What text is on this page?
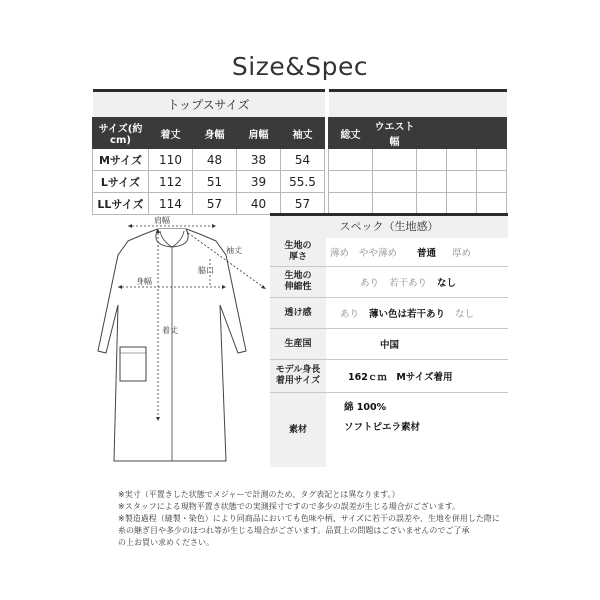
Size&Spec
トップスサイズ										
サイズ(約cm)	着丈	身幅	肩幅	袖丈		総丈	ウエスト幅			
Mサイズ	110	48	38	54						
Lサイズ	112	51	39	55.5						
LLサイズ	114	57	40	57						
肩幅
袖丈
脇口
身幅
着丈
スペック（生地感）
生地の
厚さ	薄め やや薄め 普通 厚め
生地の
伸縮性	あり 若干あり なし
透け感	あり 薄い色は若干あり なし
生産国	中国
モデル身長
着用サイズ	162ｃｍ　Mサイズ着用
素材
綿 100%
ソフトピエラ素材
※実寸（平置きした状態でメジャーで計測のため、タグ表記とは異なります。）
※スタッフによる現物平置き状態での実測採寸ですので多少の誤差が生じる場合がございます。
※製造過程（縫製・染色）により同商品においても色味や柄、サイズに若干の誤差や、生地を併用した際に
糸の継ぎ目や多少のほつれ等が生じる場合がございます。品質上の問題はございませんのでご了承
の上お買い求めください。
